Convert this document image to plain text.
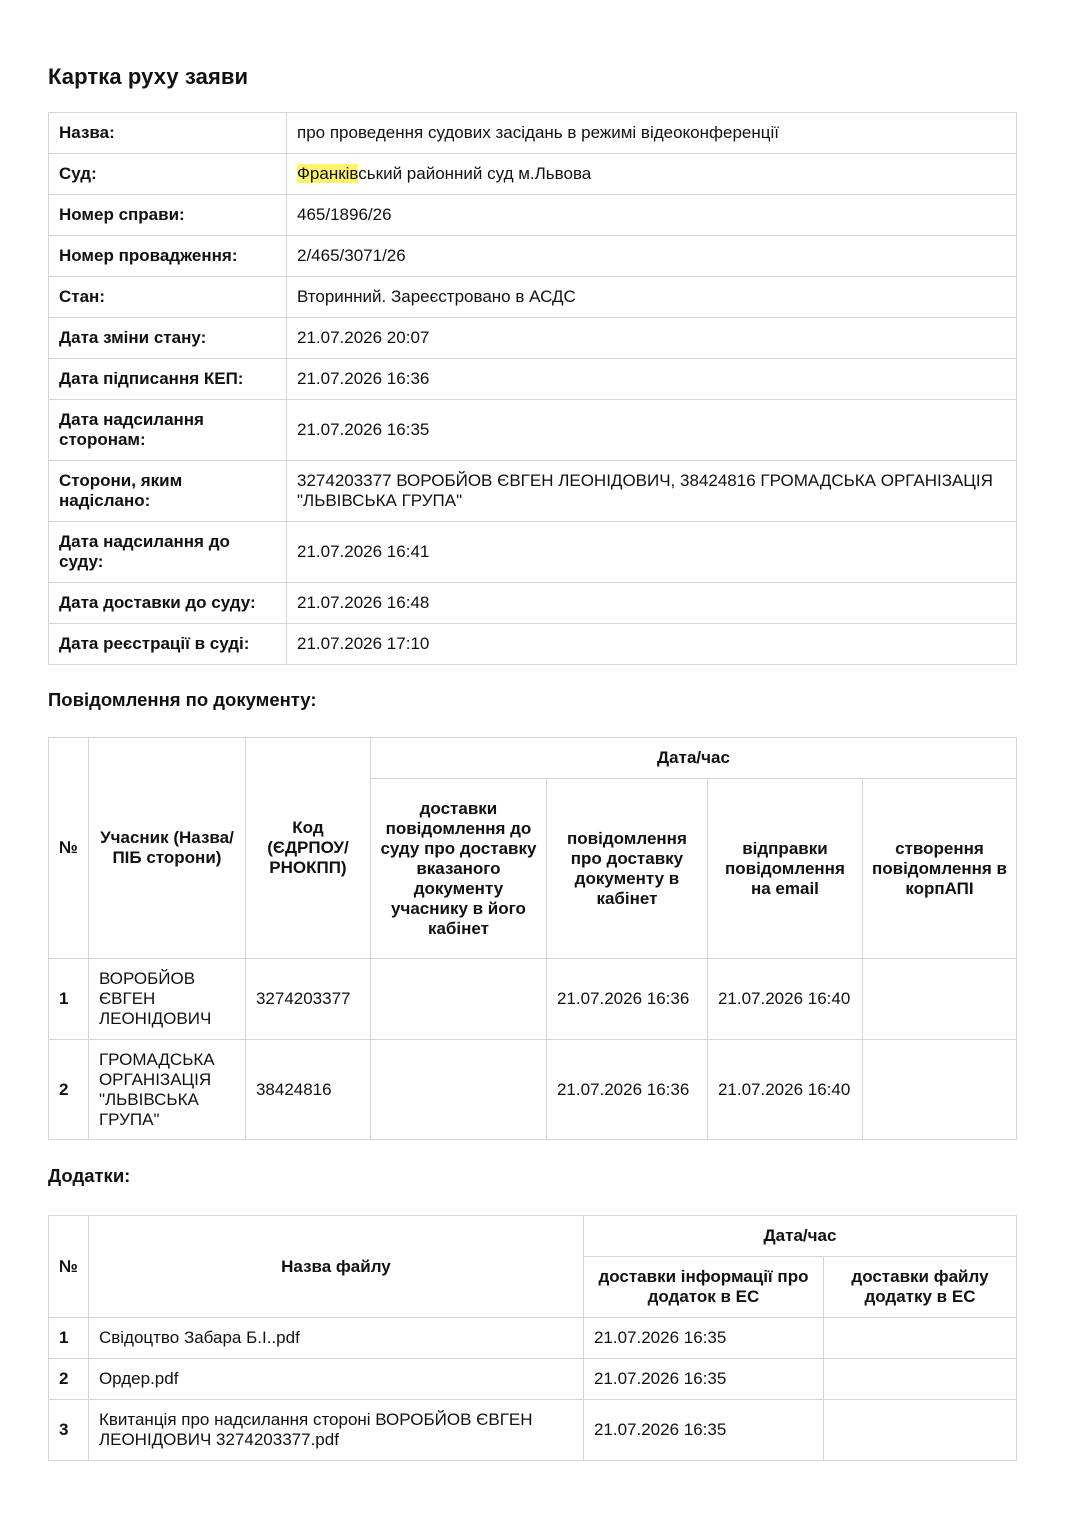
Картка руху заяви
Назва:	про проведення судових засідань в режимі відеоконференції
Суд:	Франківський районний суд м.Львова
Номер справи:	465/1896/26
Номер провадження:	2/465/3071/26
Стан:	Вторинний. Зареєстровано в АСДС
Дата зміни стану:	21.07.2026 20:07
Дата підписання КЕП:	21.07.2026 16:36
Дата надсилання сторонам:	21.07.2026 16:35
Сторони, яким надіслано:	3274203377 ВОРОБЙОВ ЄВГЕН ЛЕОНІДОВИЧ, 38424816 ГРОМАДСЬКА ОРГАНІЗАЦІЯ "ЛЬВІВСЬКА ГРУПА"
Дата надсилання до суду:	21.07.2026 16:41
Дата доставки до суду:	21.07.2026 16:48
Дата реєстрації в суді:	21.07.2026 17:10
Повідомлення по документу:
№	Учасник (Назва/ПІБ сторони)	Код (ЄДРПОУ/ РНОКПП)	Дата/час			
			доставки повідомлення до суду про доставку вказаного документу учаснику в його кабінет	повідомлення про доставку документу в кабінет	відправки повідомлення на email	створення повідомлення в корпАПІ
1	ВОРОБЙОВ ЄВГЕН ЛЕОНІДОВИЧ	3274203377		21.07.2026 16:36	21.07.2026 16:40	
2	ГРОМАДСЬКА ОРГАНІЗАЦІЯ "ЛЬВІВСЬКА ГРУПА"	38424816		21.07.2026 16:36	21.07.2026 16:40	
Додатки:
№	Назва файлу	Дата/час	
		доставки інформації про додаток в ЕС	доставки файлу додатку в ЕС
1	Свідоцтво Забара Б.І..pdf	21.07.2026 16:35	
2	Ордер.pdf	21.07.2026 16:35	
3	Квитанція про надсилання стороні ВОРОБЙОВ ЄВГЕН ЛЕОНІДОВИЧ 3274203377.pdf	21.07.2026 16:35	
